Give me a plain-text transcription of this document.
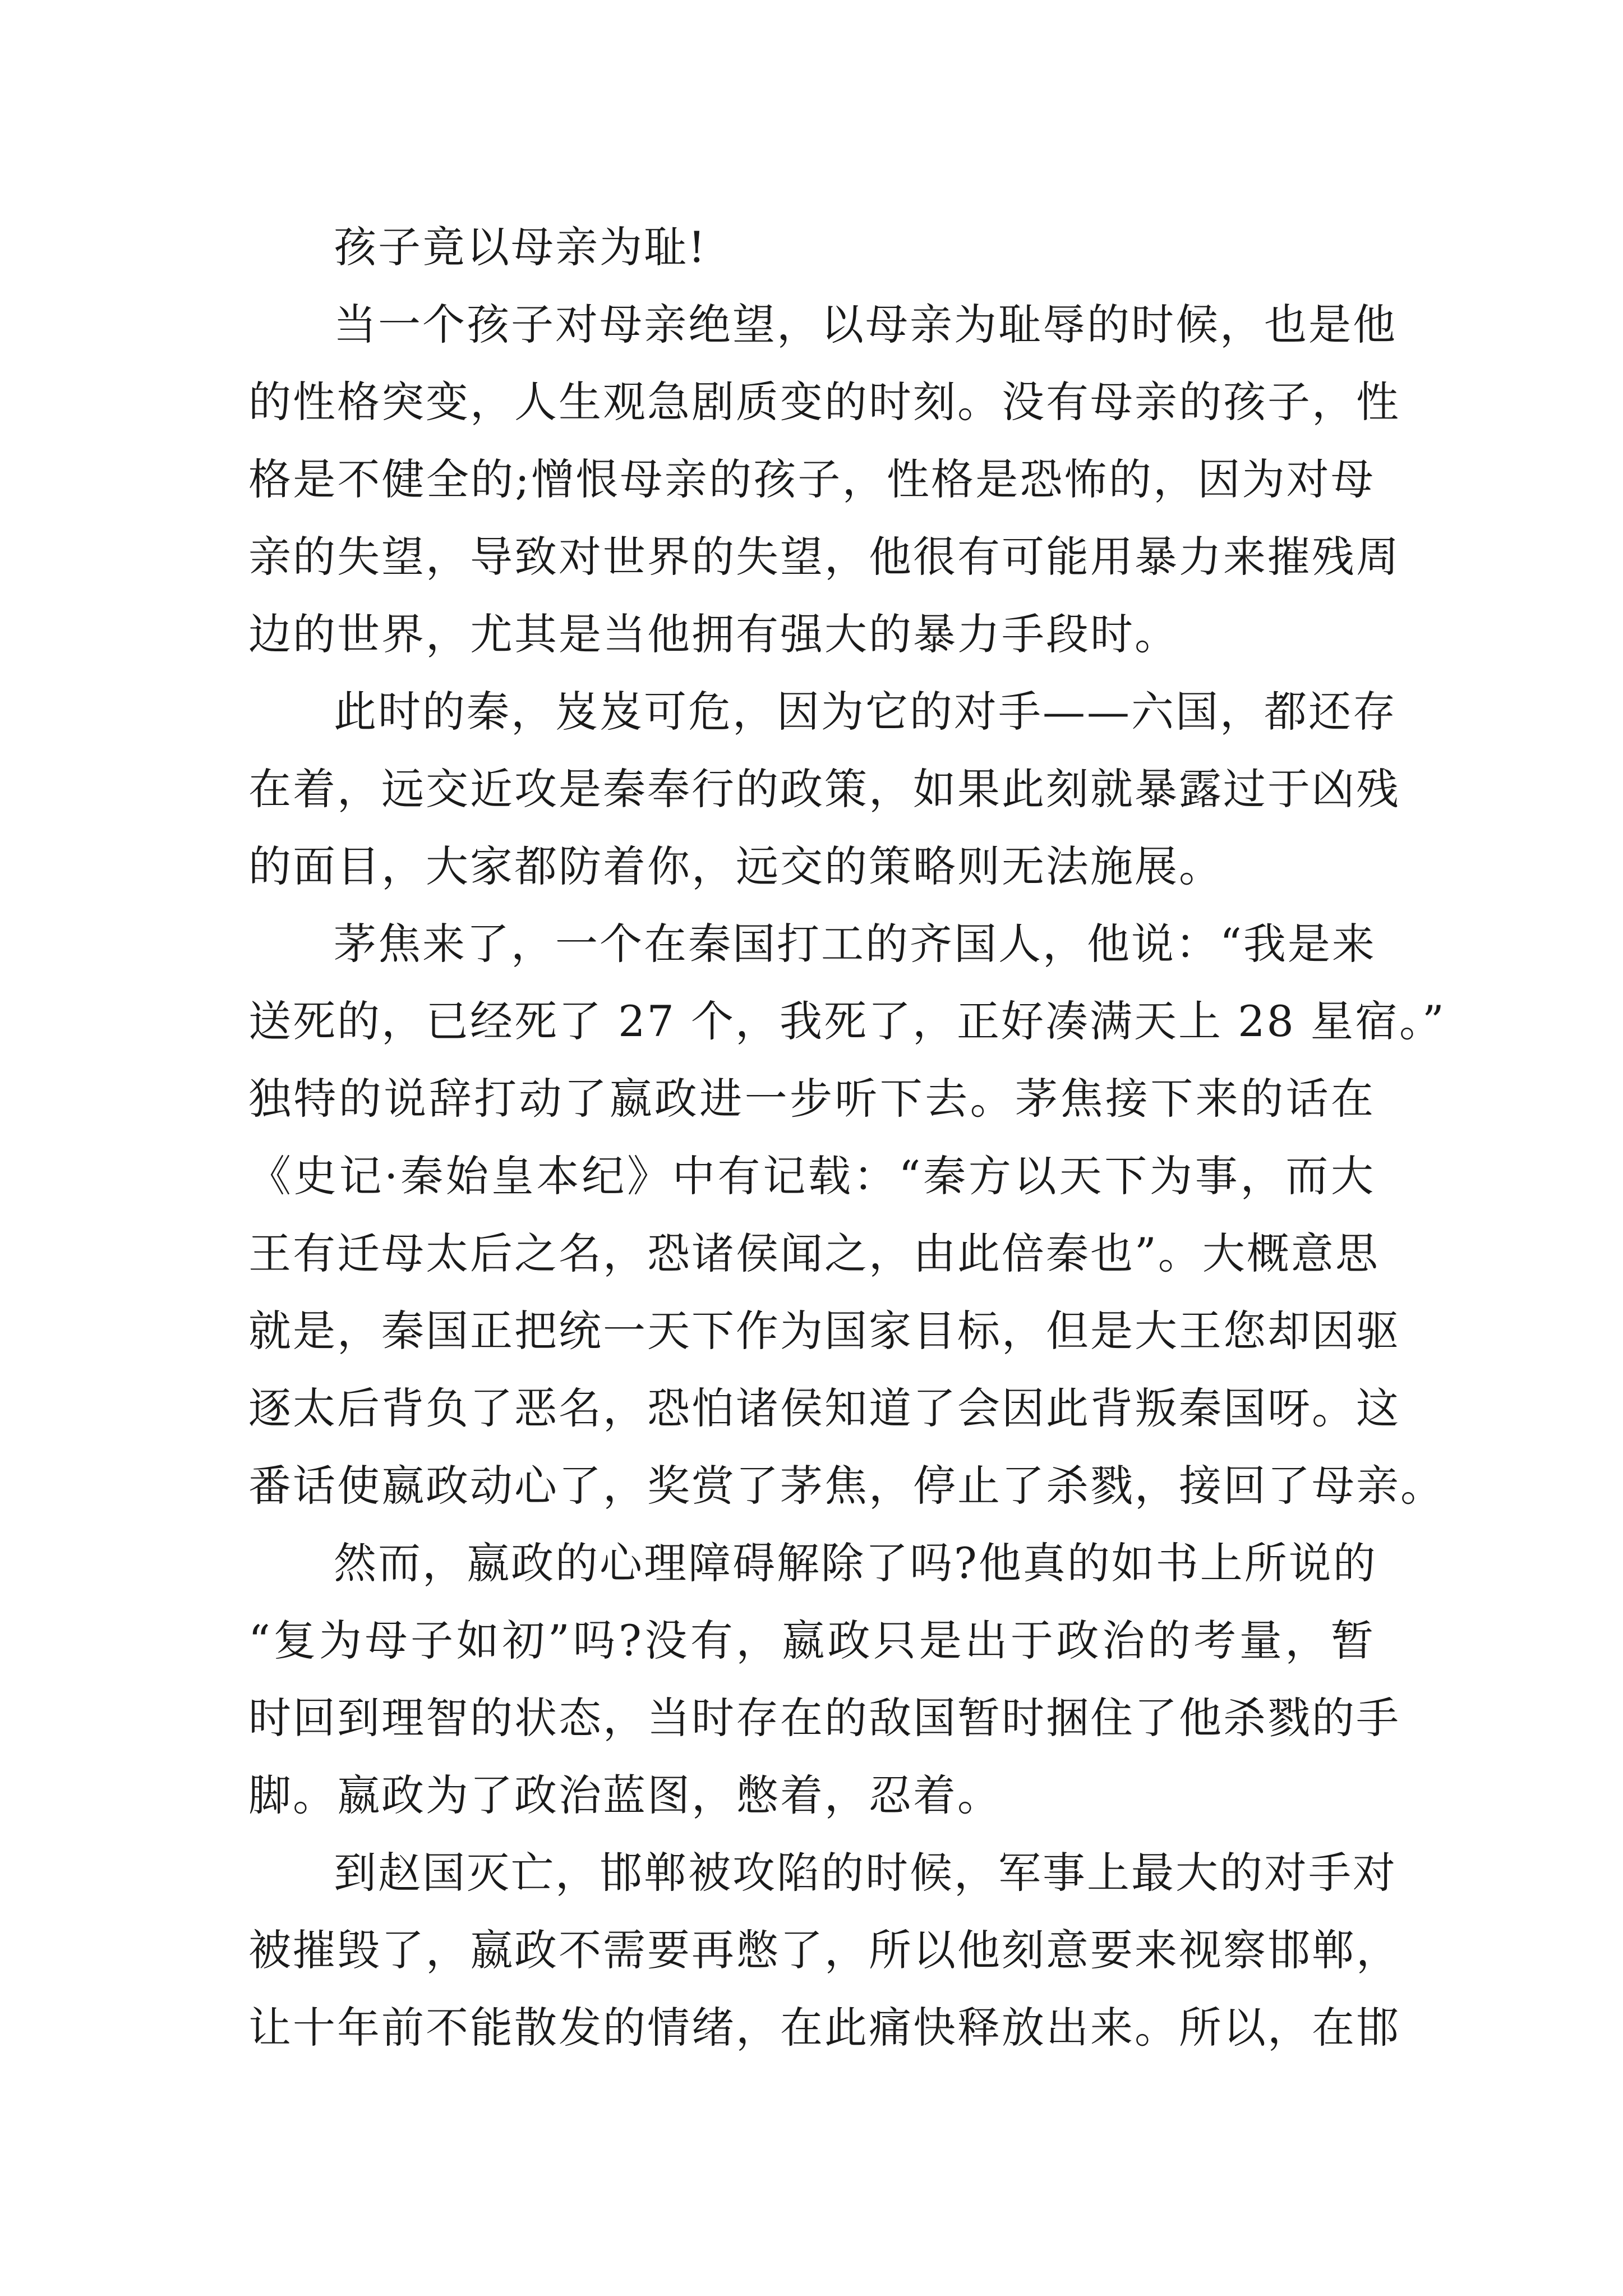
孩子竟以母亲为耻!
当一个孩子对母亲绝望，以母亲为耻辱的时候，也是他
的性格突变，人生观急剧质变的时刻。没有母亲的孩子，性
格是不健全的;憎恨母亲的孩子，性格是恐怖的，因为对母
亲的失望，导致对世界的失望，他很有可能用暴力来摧残周
边的世界，尤其是当他拥有强大的暴力手段时。
此时的秦，岌岌可危，因为它的对手——六国，都还存
在着，远交近攻是秦奉行的政策，如果此刻就暴露过于凶残
的面目，大家都防着你，远交的策略则无法施展。
茅焦来了，一个在秦国打工的齐国人，他说：“我是来
送死的，已经死了 27 个，我死了，正好凑满天上 28 星宿。”
独特的说辞打动了嬴政进一步听下去。茅焦接下来的话在
《史记·秦始皇本纪》中有记载：“秦方以天下为事，而大
王有迁母太后之名，恐诸侯闻之，由此倍秦也”。大概意思
就是，秦国正把统一天下作为国家目标，但是大王您却因驱
逐太后背负了恶名，恐怕诸侯知道了会因此背叛秦国呀。这
番话使嬴政动心了，奖赏了茅焦，停止了杀戮，接回了母亲。
然而，嬴政的心理障碍解除了吗?他真的如书上所说的
“复为母子如初”吗?没有，嬴政只是出于政治的考量，暂
时回到理智的状态，当时存在的敌国暂时捆住了他杀戮的手
脚。嬴政为了政治蓝图，憋着，忍着。
到赵国灭亡，邯郸被攻陷的时候，军事上最大的对手对
被摧毁了，嬴政不需要再憋了，所以他刻意要来视察邯郸，
让十年前不能散发的情绪，在此痛快释放出来。所以，在邯
